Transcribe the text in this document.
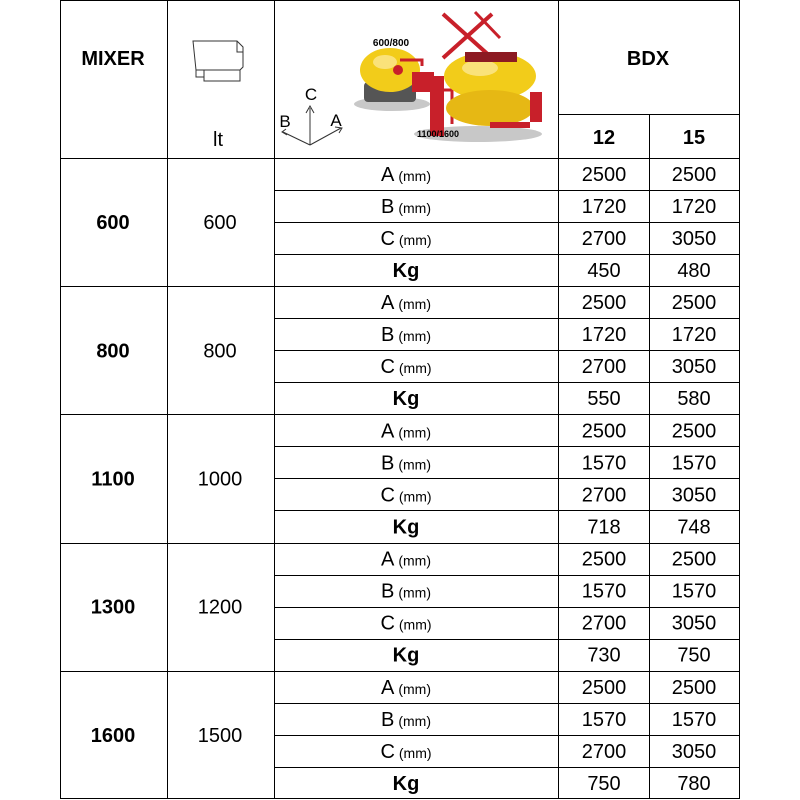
MIXER
lt
C
B A
600/800
1100/1600
BDX
12	15
600	600
A (mm)	2500 2500
B (mm)	1720 1720
C (mm)	2700 3050
Kg	450	480
800	800
A (mm)	2500 2500
B (mm)	1720 1720
C (mm)	2700 3050
Kg	550	580
1100	1000
A (mm)	2500 2500
B (mm)	1570 1570
C (mm)	2700 3050
Kg	718	748
1300	1200
A (mm)	2500 2500
B (mm)	1570 1570
C (mm)	2700 3050
Kg	730	750
1600	1500
A (mm)	2500 2500
B (mm)	1570 1570
C (mm)	2700 3050
Kg	750	780
